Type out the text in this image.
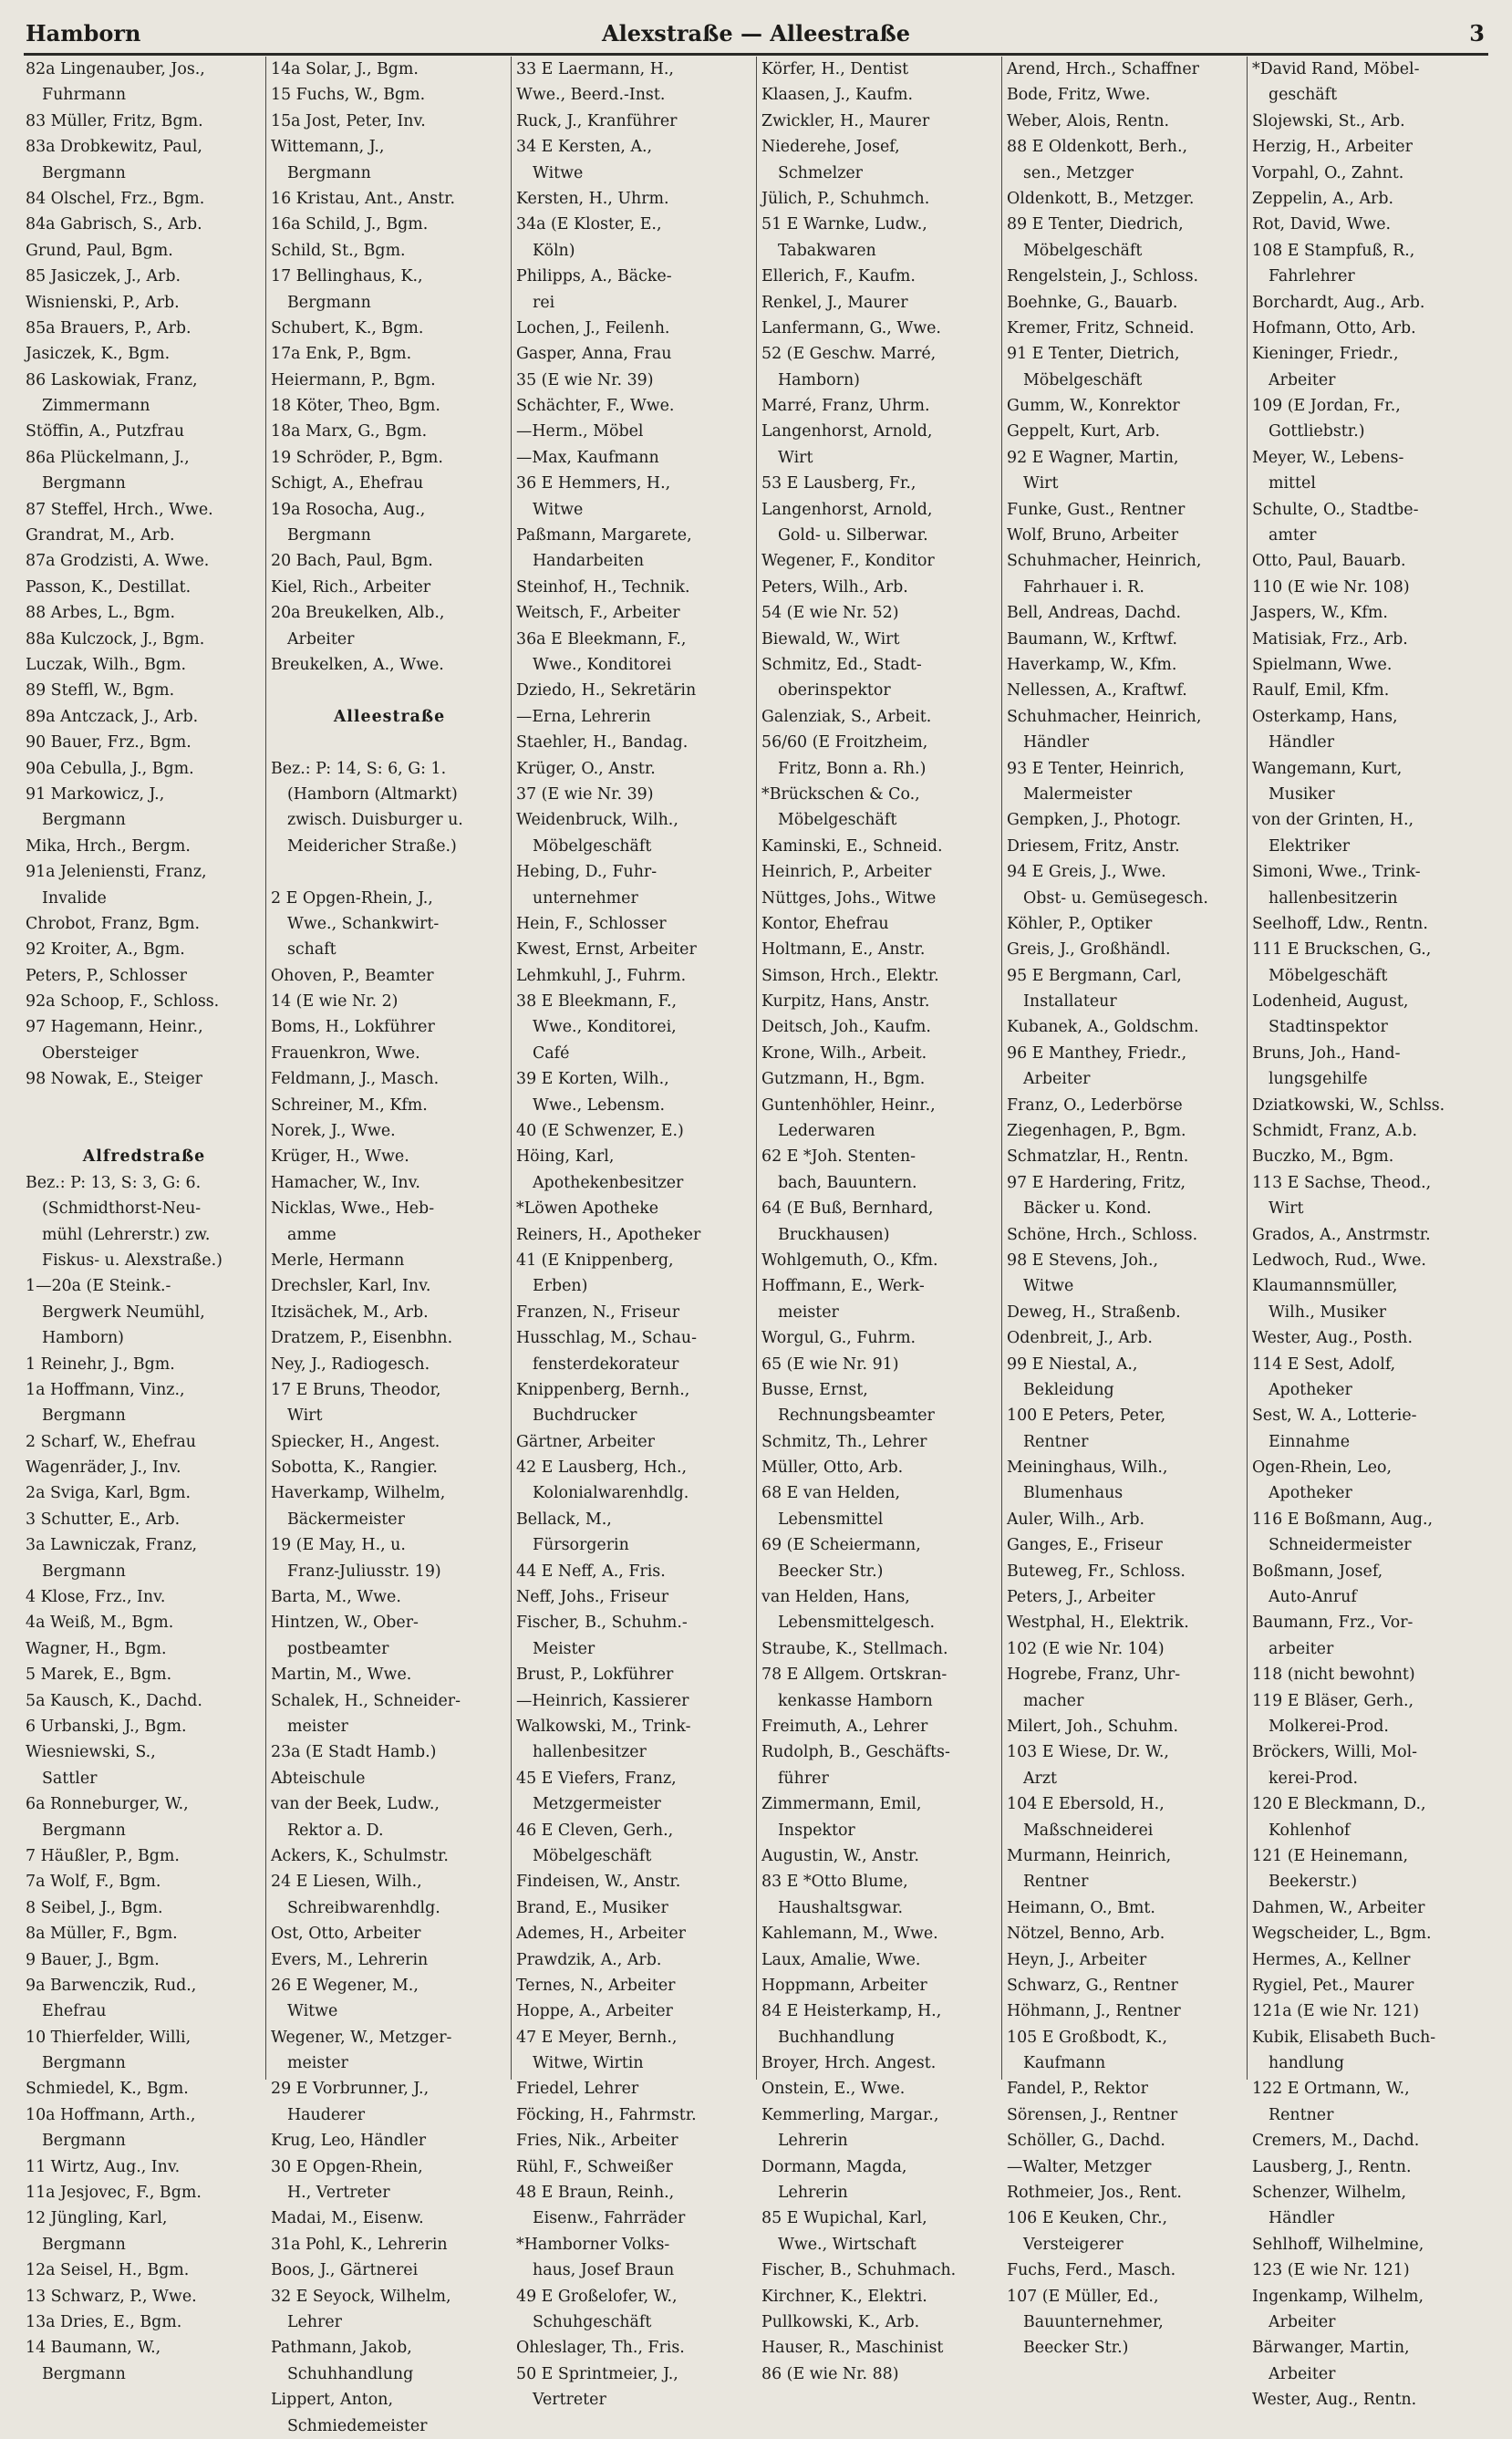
Hamborn	Alexstraße — Alleestraße	3
82a Lingenauber, Jos.,
Fuhrmann
83 Müller, Fritz, Bgm.
83a Drobkewitz, Paul,
Bergmann
84 Olschel, Frz., Bgm.
84a Gabrisch, S., Arb.
Grund, Paul, Bgm.
85 Jasiczek, J., Arb.
Wisnienski, P., Arb.
85a Brauers, P., Arb.
Jasiczek, K., Bgm.
86 Laskowiak, Franz,
Zimmermann
Stöffin, A., Putzfrau
86a Plückelmann, J.,
Bergmann
87 Steffel, Hrch., Wwe.
Grandrat, M., Arb.
87a Grodzisti, A. Wwe.
Passon, K., Destillat.
88 Arbes, L., Bgm.
88a Kulczock, J., Bgm.
Luczak, Wilh., Bgm.
89 Steffl, W., Bgm.
89a Antczack, J., Arb.
90 Bauer, Frz., Bgm.
90a Cebulla, J., Bgm.
91 Markowicz, J.,
Bergmann
Mika, Hrch., Bergm.
91a Jeleniensti, Franz,
Invalide
Chrobot, Franz, Bgm.
92 Kroiter, A., Bgm.
Peters, P., Schlosser
92a Schoop, F., Schloss.
97 Hagemann, Heinr.,
Obersteiger
98 Nowak, E., Steiger
Alfredstraße
Bez.: P: 13, S: 3, G: 6.
(Schmidthorst-Neu-
mühl (Lehrerstr.) zw.
Fiskus- u. Alexstraße.)
1—20a (E Steink.-
Bergwerk Neumühl,
Hamborn)
1 Reinehr, J., Bgm.
1a Hoffmann, Vinz.,
Bergmann
2 Scharf, W., Ehefrau
Wagenräder, J., Inv.
2a Sviga, Karl, Bgm.
3 Schutter, E., Arb.
3a Lawniczak, Franz,
Bergmann
4 Klose, Frz., Inv.
4a Weiß, M., Bgm.
Wagner, H., Bgm.
5 Marek, E., Bgm.
5a Kausch, K., Dachd.
6 Urbanski, J., Bgm.
Wiesniewski, S.,
Sattler
6a Ronneburger, W.,
Bergmann
7 Häußler, P., Bgm.
7a Wolf, F., Bgm.
8 Seibel, J., Bgm.
8a Müller, F., Bgm.
9 Bauer, J., Bgm.
9a Barwenczik, Rud.,
Ehefrau
10 Thierfelder, Willi,
Bergmann
Schmiedel, K., Bgm.
10a Hoffmann, Arth.,
Bergmann
11 Wirtz, Aug., Inv.
11a Jesjovec, F., Bgm.
12 Jüngling, Karl,
Bergmann
12a Seisel, H., Bgm.
13 Schwarz, P., Wwe.
13a Dries, E., Bgm.
14 Baumann, W.,
Bergmann
14a Solar, J., Bgm.
15 Fuchs, W., Bgm.
15a Jost, Peter, Inv.
Wittemann, J.,
Bergmann
16 Kristau, Ant., Anstr.
16a Schild, J., Bgm.
Schild, St., Bgm.
17 Bellinghaus, K.,
Bergmann
Schubert, K., Bgm.
17a Enk, P., Bgm.
Heiermann, P., Bgm.
18 Köter, Theo, Bgm.
18a Marx, G., Bgm.
19 Schröder, P., Bgm.
Schigt, A., Ehefrau
19a Rosocha, Aug.,
Bergmann
20 Bach, Paul, Bgm.
Kiel, Rich., Arbeiter
20a Breukelken, Alb.,
Arbeiter
Breukelken, A., Wwe.
Alleestraße
Bez.: P: 14, S: 6, G: 1.
(Hamborn (Altmarkt)
zwisch. Duisburger u.
Meidericher Straße.)
2 E Opgen-Rhein, J.,
Wwe., Schankwirt-
schaft
Ohoven, P., Beamter
14 (E wie Nr. 2)
Boms, H., Lokführer
Frauenkron, Wwe.
Feldmann, J., Masch.
Schreiner, M., Kfm.
Norek, J., Wwe.
Krüger, H., Wwe.
Hamacher, W., Inv.
Nicklas, Wwe., Heb-
amme
Merle, Hermann
Drechsler, Karl, Inv.
Itzisächek, M., Arb.
Dratzem, P., Eisenbhn.
Ney, J., Radiogesch.
17 E Bruns, Theodor,
Wirt
Spiecker, H., Angest.
Sobotta, K., Rangier.
Haverkamp, Wilhelm,
Bäckermeister
19 (E May, H., u.
Franz-Juliusstr. 19)
Barta, M., Wwe.
Hintzen, W., Ober-
postbeamter
Martin, M., Wwe.
Schalek, H., Schneider-
meister
23a (E Stadt Hamb.)
Abteischule
van der Beek, Ludw.,
Rektor a. D.
Ackers, K., Schulmstr.
24 E Liesen, Wilh.,
Schreibwarenhdlg.
Ost, Otto, Arbeiter
Evers, M., Lehrerin
26 E Wegener, M.,
Witwe
Wegener, W., Metzger-
meister
29 E Vorbrunner, J.,
Hauderer
Krug, Leo, Händler
30 E Opgen-Rhein,
H., Vertreter
Madai, M., Eisenw.
31a Pohl, K., Lehrerin
Boos, J., Gärtnerei
32 E Seyock, Wilhelm,
Lehrer
Pathmann, Jakob,
Schuhhandlung
Lippert, Anton,
Schmiedemeister
33 E Laermann, H.,
Wwe., Beerd.-Inst.
Ruck, J., Kranführer
34 E Kersten, A.,
Witwe
Kersten, H., Uhrm.
34a (E Kloster, E.,
Köln)
Philipps, A., Bäcke-
rei
Lochen, J., Feilenh.
Gasper, Anna, Frau
35 (E wie Nr. 39)
Schächter, F., Wwe.
—Herm., Möbel
—Max, Kaufmann
36 E Hemmers, H.,
Witwe
Paßmann, Margarete,
Handarbeiten
Steinhof, H., Technik.
Weitsch, F., Arbeiter
36a E Bleekmann, F.,
Wwe., Konditorei
Dziedo, H., Sekretärin
—Erna, Lehrerin
Staehler, H., Bandag.
Krüger, O., Anstr.
37 (E wie Nr. 39)
Weidenbruck, Wilh.,
Möbelgeschäft
Hebing, D., Fuhr-
unternehmer
Hein, F., Schlosser
Kwest, Ernst, Arbeiter
Lehmkuhl, J., Fuhrm.
38 E Bleekmann, F.,
Wwe., Konditorei,
Café
39 E Korten, Wilh.,
Wwe., Lebensm.
40 (E Schwenzer, E.)
Höing, Karl,
Apothekenbesitzer
*Löwen Apotheke
Reiners, H., Apotheker
41 (E Knippenberg,
Erben)
Franzen, N., Friseur
Husschlag, M., Schau-
fensterdekorateur
Knippenberg, Bernh.,
Buchdrucker
Gärtner, Arbeiter
42 E Lausberg, Hch.,
Kolonialwarenhdlg.
Bellack, M.,
Fürsorgerin
44 E Neff, A., Fris.
Neff, Johs., Friseur
Fischer, B., Schuhm.-
Meister
Brust, P., Lokführer
—Heinrich, Kassierer
Walkowski, M., Trink-
hallenbesitzer
45 E Viefers, Franz,
Metzgermeister
46 E Cleven, Gerh.,
Möbelgeschäft
Findeisen, W., Anstr.
Brand, E., Musiker
Ademes, H., Arbeiter
Prawdzik, A., Arb.
Ternes, N., Arbeiter
Hoppe, A., Arbeiter
47 E Meyer, Bernh.,
Witwe, Wirtin
Friedel, Lehrer
Föcking, H., Fahrmstr.
Fries, Nik., Arbeiter
Rühl, F., Schweißer
48 E Braun, Reinh.,
Eisenw., Fahrräder
*Hamborner Volks-
haus, Josef Braun
49 E Großelofer, W.,
Schuhgeschäft
Ohleslager, Th., Fris.
50 E Sprintmeier, J.,
Vertreter
Körfer, H., Dentist
Klaasen, J., Kaufm.
Zwickler, H., Maurer
Niederehe, Josef,
Schmelzer
Jülich, P., Schuhmch.
51 E Warnke, Ludw.,
Tabakwaren
Ellerich, F., Kaufm.
Renkel, J., Maurer
Lanfermann, G., Wwe.
52 (E Geschw. Marré,
Hamborn)
Marré, Franz, Uhrm.
Langenhorst, Arnold,
Wirt
53 E Lausberg, Fr.,
Langenhorst, Arnold,
Gold- u. Silberwar.
Wegener, F., Konditor
Peters, Wilh., Arb.
54 (E wie Nr. 52)
Biewald, W., Wirt
Schmitz, Ed., Stadt-
oberinspektor
Galenziak, S., Arbeit.
56/60 (E Froitzheim,
Fritz, Bonn a. Rh.)
*Brückschen & Co.,
Möbelgeschäft
Kaminski, E., Schneid.
Heinrich, P., Arbeiter
Nüttges, Johs., Witwe
Kontor, Ehefrau
Holtmann, E., Anstr.
Simson, Hrch., Elektr.
Kurpitz, Hans, Anstr.
Deitsch, Joh., Kaufm.
Krone, Wilh., Arbeit.
Gutzmann, H., Bgm.
Guntenhöhler, Heinr.,
Lederwaren
62 E *Joh. Stenten-
bach, Bauuntern.
64 (E Buß, Bernhard,
Bruckhausen)
Wohlgemuth, O., Kfm.
Hoffmann, E., Werk-
meister
Worgul, G., Fuhrm.
65 (E wie Nr. 91)
Busse, Ernst,
Rechnungsbeamter
Schmitz, Th., Lehrer
Müller, Otto, Arb.
68 E van Helden,
Lebensmittel
69 (E Scheiermann,
Beecker Str.)
van Helden, Hans,
Lebensmittelgesch.
Straube, K., Stellmach.
78 E Allgem. Ortskran-
kenkasse Hamborn
Freimuth, A., Lehrer
Rudolph, B., Geschäfts-
führer
Zimmermann, Emil,
Inspektor
Augustin, W., Anstr.
83 E *Otto Blume,
Haushaltsgwar.
Kahlemann, M., Wwe.
Laux, Amalie, Wwe.
Hoppmann, Arbeiter
84 E Heisterkamp, H.,
Buchhandlung
Broyer, Hrch. Angest.
Onstein, E., Wwe.
Kemmerling, Margar.,
Lehrerin
Dormann, Magda,
Lehrerin
85 E Wupichal, Karl,
Wwe., Wirtschaft
Fischer, B., Schuhmach.
Kirchner, K., Elektri.
Pullkowski, K., Arb.
Hauser, R., Maschinist
86 (E wie Nr. 88)
Arend, Hrch., Schaffner
Bode, Fritz, Wwe.
Weber, Alois, Rentn.
88 E Oldenkott, Berh.,
sen., Metzger
Oldenkott, B., Metzger.
89 E Tenter, Diedrich,
Möbelgeschäft
Rengelstein, J., Schloss.
Boehnke, G., Bauarb.
Kremer, Fritz, Schneid.
91 E Tenter, Dietrich,
Möbelgeschäft
Gumm, W., Konrektor
Geppelt, Kurt, Arb.
92 E Wagner, Martin,
Wirt
Funke, Gust., Rentner
Wolf, Bruno, Arbeiter
Schuhmacher, Heinrich,
Fahrhauer i. R.
Bell, Andreas, Dachd.
Baumann, W., Krftwf.
Haverkamp, W., Kfm.
Nellessen, A., Kraftwf.
Schuhmacher, Heinrich,
Händler
93 E Tenter, Heinrich,
Malermeister
Gempken, J., Photogr.
Driesem, Fritz, Anstr.
94 E Greis, J., Wwe.
Obst- u. Gemüsegesch.
Köhler, P., Optiker
Greis, J., Großhändl.
95 E Bergmann, Carl,
Installateur
Kubanek, A., Goldschm.
96 E Manthey, Friedr.,
Arbeiter
Franz, O., Lederbörse
Ziegenhagen, P., Bgm.
Schmatzlar, H., Rentn.
97 E Hardering, Fritz,
Bäcker u. Kond.
Schöne, Hrch., Schloss.
98 E Stevens, Joh.,
Witwe
Deweg, H., Straßenb.
Odenbreit, J., Arb.
99 E Niestal, A.,
Bekleidung
100 E Peters, Peter,
Rentner
Meininghaus, Wilh.,
Blumenhaus
Auler, Wilh., Arb.
Ganges, E., Friseur
Buteweg, Fr., Schloss.
Peters, J., Arbeiter
Westphal, H., Elektrik.
102 (E wie Nr. 104)
Hogrebe, Franz, Uhr-
macher
Milert, Joh., Schuhm.
103 E Wiese, Dr. W.,
Arzt
104 E Ebersold, H.,
Maßschneiderei
Murmann, Heinrich,
Rentner
Heimann, O., Bmt.
Nötzel, Benno, Arb.
Heyn, J., Arbeiter
Schwarz, G., Rentner
Höhmann, J., Rentner
105 E Großbodt, K.,
Kaufmann
Fandel, P., Rektor
Sörensen, J., Rentner
Schöller, G., Dachd.
—Walter, Metzger
Rothmeier, Jos., Rent.
106 E Keuken, Chr.,
Versteigerer
Fuchs, Ferd., Masch.
107 (E Müller, Ed.,
Bauunternehmer,
Beecker Str.)
*David Rand, Möbel-
geschäft
Slojewski, St., Arb.
Herzig, H., Arbeiter
Vorpahl, O., Zahnt.
Zeppelin, A., Arb.
Rot, David, Wwe.
108 E Stampfuß, R.,
Fahrlehrer
Borchardt, Aug., Arb.
Hofmann, Otto, Arb.
Kieninger, Friedr.,
Arbeiter
109 (E Jordan, Fr.,
Gottliebstr.)
Meyer, W., Lebens-
mittel
Schulte, O., Stadtbe-
amter
Otto, Paul, Bauarb.
110 (E wie Nr. 108)
Jaspers, W., Kfm.
Matisiak, Frz., Arb.
Spielmann, Wwe.
Raulf, Emil, Kfm.
Osterkamp, Hans,
Händler
Wangemann, Kurt,
Musiker
von der Grinten, H.,
Elektriker
Simoni, Wwe., Trink-
hallenbesitzerin
Seelhoff, Ldw., Rentn.
111 E Bruckschen, G.,
Möbelgeschäft
Lodenheid, August,
Stadtinspektor
Bruns, Joh., Hand-
lungsgehilfe
Dziatkowski, W., Schlss.
Schmidt, Franz, A.b.
Buczko, M., Bgm.
113 E Sachse, Theod.,
Wirt
Grados, A., Anstrmstr.
Ledwoch, Rud., Wwe.
Klaumannsmüller,
Wilh., Musiker
Wester, Aug., Posth.
114 E Sest, Adolf,
Apotheker
Sest, W. A., Lotterie-
Einnahme
Ogen-Rhein, Leo,
Apotheker
116 E Boßmann, Aug.,
Schneidermeister
Boßmann, Josef,
Auto-Anruf
Baumann, Frz., Vor-
arbeiter
118 (nicht bewohnt)
119 E Bläser, Gerh.,
Molkerei-Prod.
Bröckers, Willi, Mol-
kerei-Prod.
120 E Bleckmann, D.,
Kohlenhof
121 (E Heinemann,
Beekerstr.)
Dahmen, W., Arbeiter
Wegscheider, L., Bgm.
Hermes, A., Kellner
Rygiel, Pet., Maurer
121a (E wie Nr. 121)
Kubik, Elisabeth Buch-
handlung
122 E Ortmann, W.,
Rentner
Cremers, M., Dachd.
Lausberg, J., Rentn.
Schenzer, Wilhelm,
Händler
Sehlhoff, Wilhelmine,
123 (E wie Nr. 121)
Ingenkamp, Wilhelm,
Arbeiter
Bärwanger, Martin,
Arbeiter
Wester, Aug., Rentn.
